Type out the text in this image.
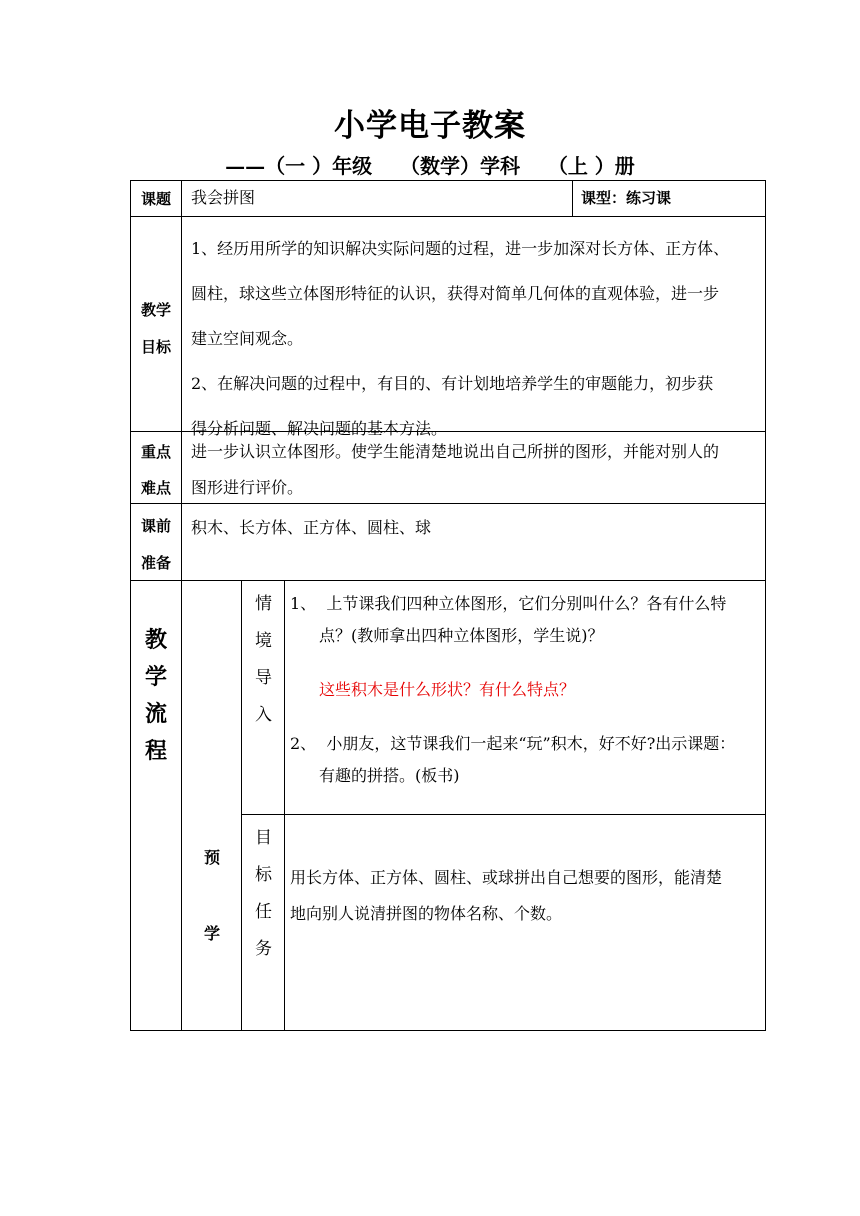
小学电子教案
——（一 ）年级    （数学）学科    （上 ）册
课题	我会拼图	课型：练习课
教学
目标
1、经历用所学的知识解决实际问题的过程，进一步加深对长方体、正方体、
圆柱，球这些立体图形特征的认识，获得对简单几何体的直观体验，进一步
建立空间观念。
2、在解决问题的过程中，有目的、有计划地培养学生的审题能力，初步获
得分析问题、解决问题的基本方法。
重点
难点
进一步认识立体图形。使学生能清楚地说出自己所拼的图形，并能对别人的
图形进行评价。
课前
准备
积木、长方体、正方体、圆柱、球
教
学
流
程
预
学
情
境
导
入
1、 上节课我们四种立体图形，它们分别叫什么？各有什么特
点？(教师拿出四种立体图形，学生说)？
这些积木是什么形状？有什么特点？
2、 小朋友，这节课我们一起来“玩”积木，好不好?出示课题：
有趣的拼搭。(板书)
目
标
任
务
用长方体、正方体、圆柱、或球拼出自己想要的图形，能清楚
地向别人说清拼图的物体名称、个数。
